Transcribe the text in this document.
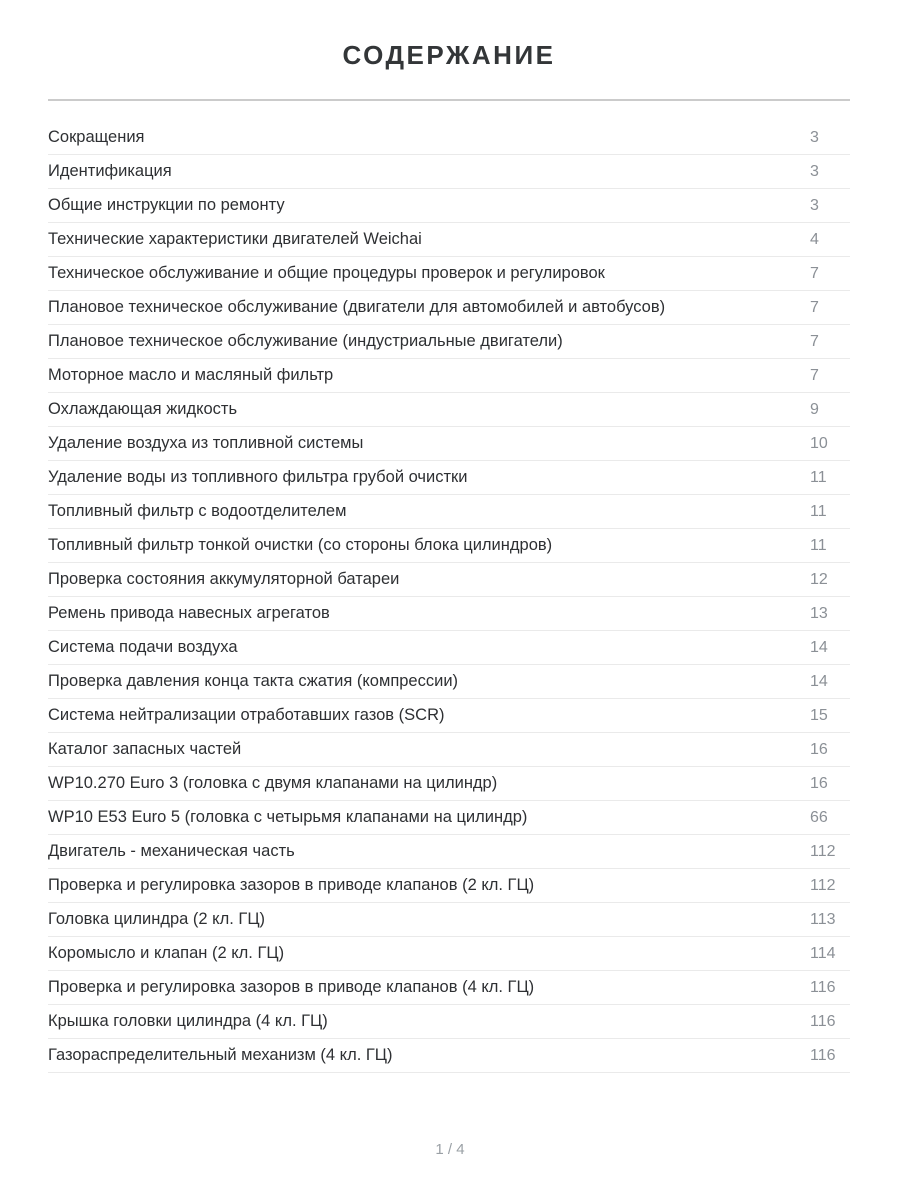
СОДЕРЖАНИЕ
Сокращения	3
Идентификация	3
Общие инструкции по ремонту	3
Технические характеристики двигателей Weichai	4
Техническое обслуживание и общие процедуры проверок и регулировок	7
Плановое техническое обслуживание (двигатели для автомобилей и автобусов)	7
Плановое техническое обслуживание (индустриальные двигатели)	7
Моторное масло и масляный фильтр	7
Охлаждающая жидкость	9
Удаление воздуха из топливной системы	10
Удаление воды из топливного фильтра грубой очистки	11
Топливный фильтр с водоотделителем	11
Топливный фильтр тонкой очистки (со стороны блока цилиндров)	11
Проверка состояния аккумуляторной батареи	12
Ремень привода навесных агрегатов	13
Система подачи воздуха	14
Проверка давления конца такта сжатия (компрессии)	14
Система нейтрализации отработавших газов (SCR)	15
Каталог запасных частей	16
WP10.270 Euro 3 (головка с двумя клапанами на цилиндр)	16
WP10 E53 Euro 5 (головка с четырьмя клапанами на цилиндр)	66
Двигатель - механическая часть	112
Проверка и регулировка зазоров в приводе клапанов (2 кл. ГЦ)	112
Головка цилиндра (2 кл. ГЦ)	113
Коромысло и клапан (2 кл. ГЦ)	114
Проверка и регулировка зазоров в приводе клапанов (4 кл. ГЦ)	116
Крышка головки цилиндра (4 кл. ГЦ)	116
Газораспределительный механизм (4 кл. ГЦ)	116
1 / 4
